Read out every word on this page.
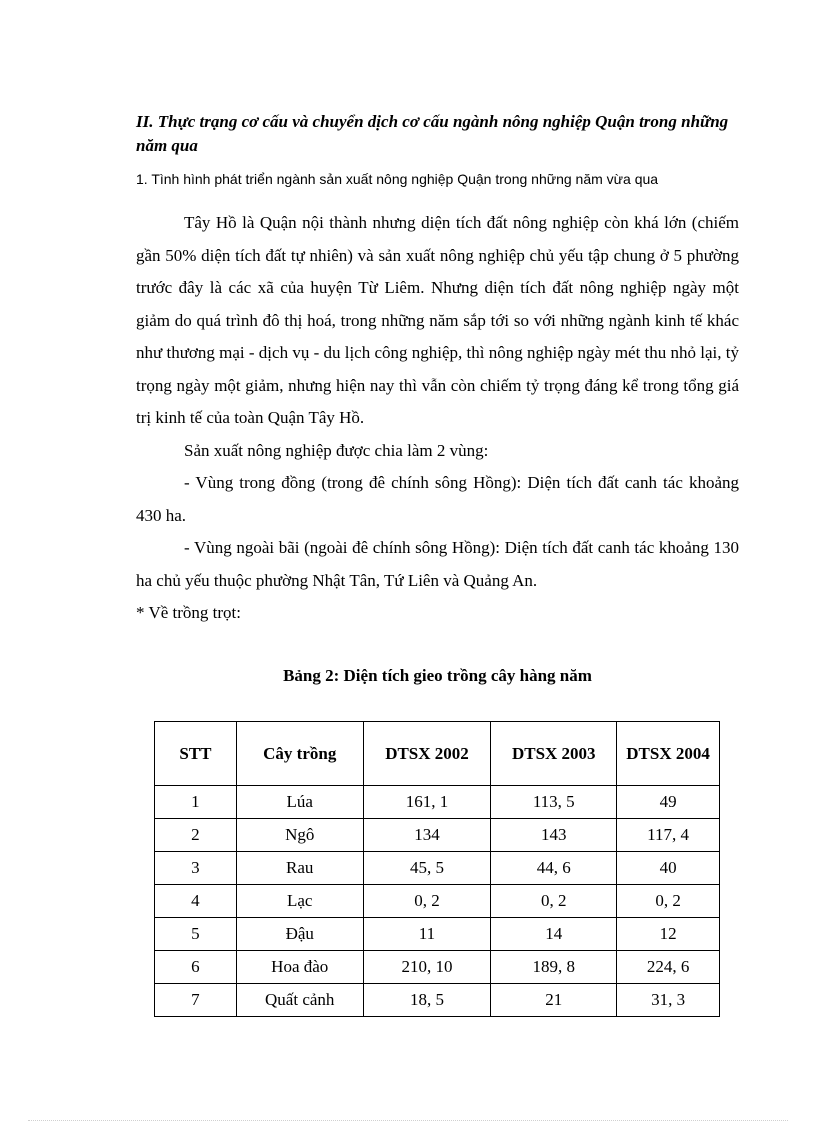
II. Thực trạng cơ cấu và chuyển dịch cơ cấu ngành nông nghiệp Quận trong những năm qua
1. Tình hình phát triển ngành sản xuất nông nghiệp Quận trong những năm vừa qua

Tây Hồ là Quận nội thành nhưng diện tích đất nông nghiệp còn khá lớn (chiếm gần 50% diện tích đất tự nhiên) và sản xuất nông nghiệp chủ yếu tập chung ở 5 phường trước đây là các xã của huyện Từ Liêm. Nhưng diện tích đất nông nghiệp ngày một giảm do quá trình đô thị hoá, trong những năm sắp tới so với những ngành kinh tế khác như thương mại - dịch vụ - du lịch công nghiệp, thì nông nghiệp ngày mét thu nhỏ lại, tỷ trọng ngày một giảm, nhưng hiện nay thì vẫn còn chiếm tỷ trọng đáng kể trong tổng giá trị kinh tế của toàn Quận Tây Hồ.

Sản xuất nông nghiệp được chia làm 2 vùng:

- Vùng trong đồng (trong đê chính sông Hồng): Diện tích đất canh tác khoảng 430 ha.

- Vùng ngoài bãi (ngoài đê chính sông Hồng): Diện tích đất canh tác khoảng 130 ha chủ yếu thuộc phường Nhật Tân, Tứ Liên và Quảng An.

* Về trồng trọt:

Bảng 2: Diện tích gieo trồng cây hàng năm
STT	Cây trồng	DTSX 2002	DTSX 2003	DTSX 2004
1	Lúa	161, 1	113, 5	49
2	Ngô	134	143	117, 4
3	Rau	45, 5	44, 6	40
4	Lạc	0, 2	0, 2	0, 2
5	Đậu	11	14	12
6	Hoa đào	210, 10	189, 8	224, 6
7	Quất cảnh	18, 5	21	31, 3
